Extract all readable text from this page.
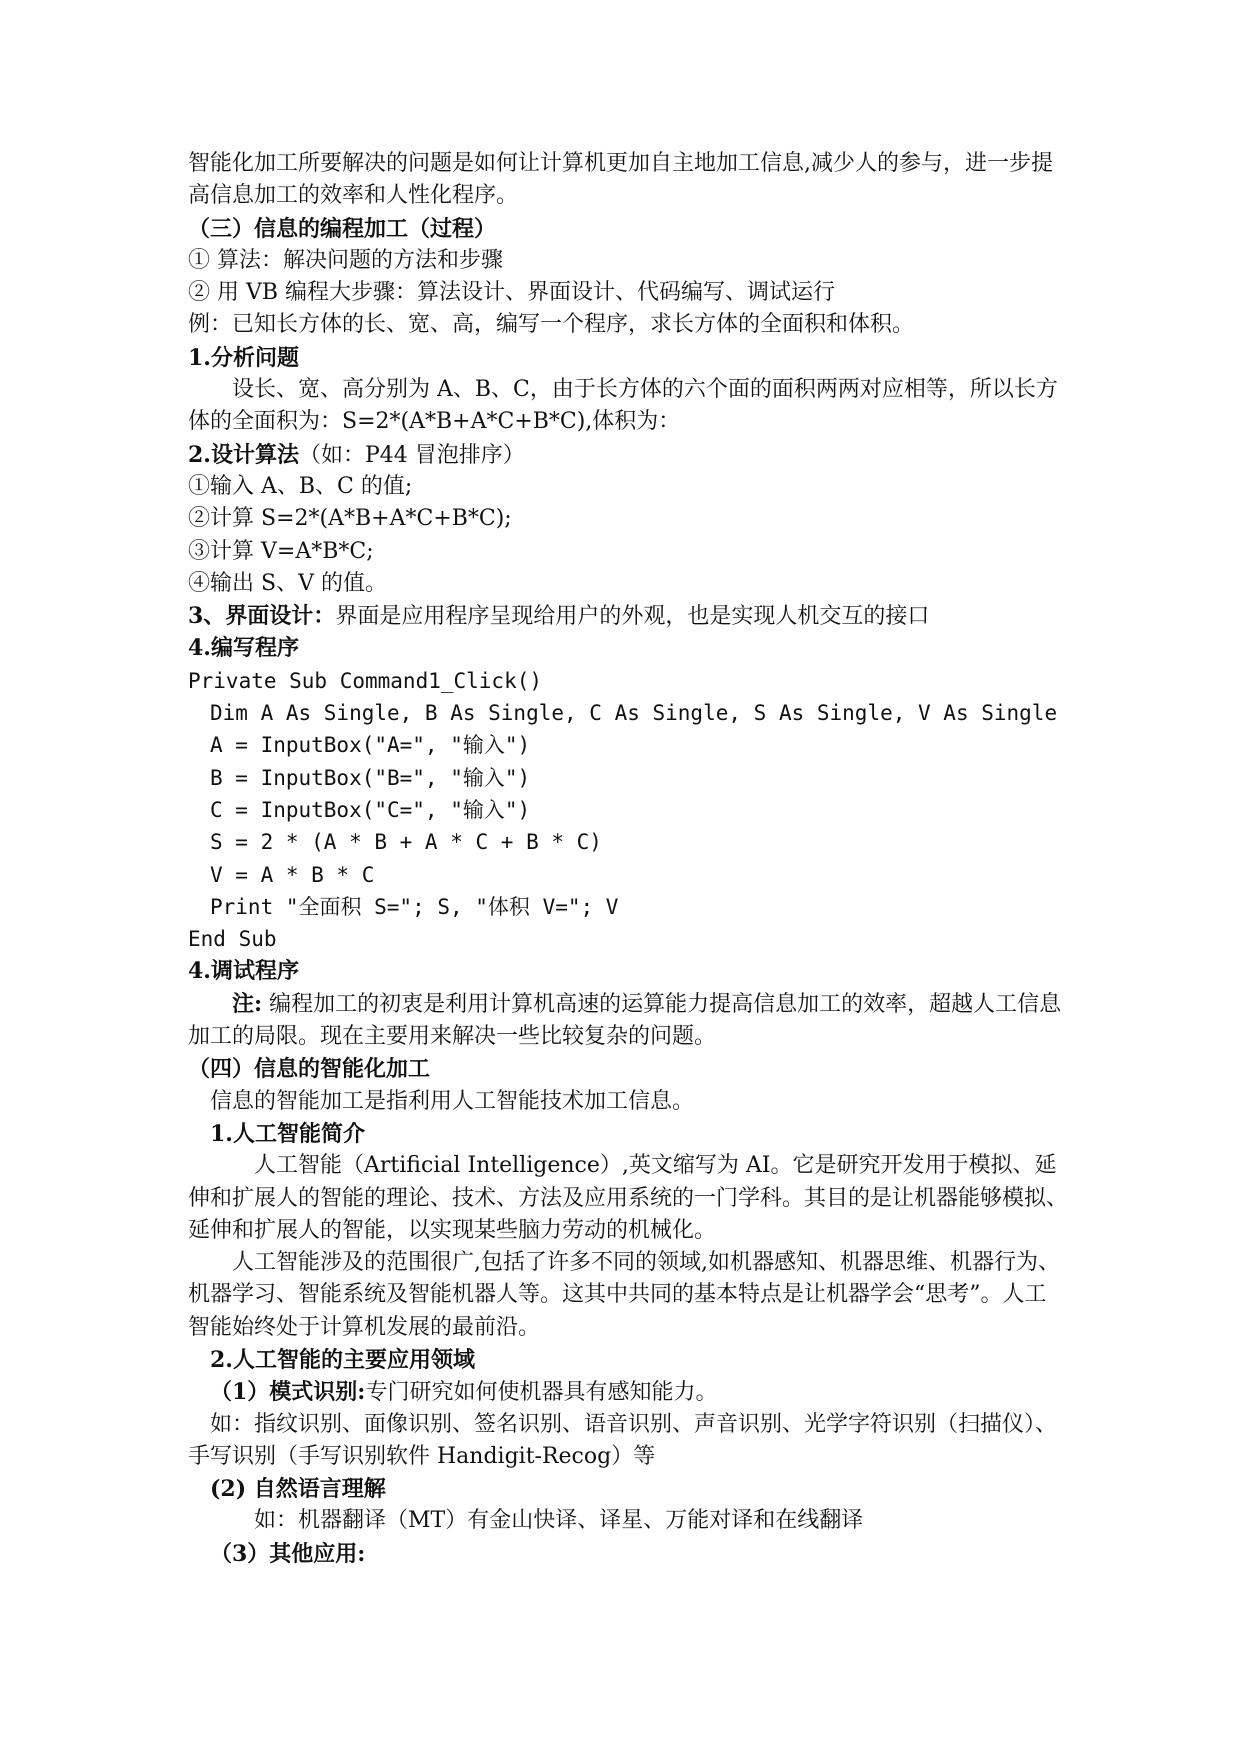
智能化加工所要解决的问题是如何让计算机更加自主地加工信息,减少人的参与，进一步提高信息加工的效率和人性化程序。
（三）信息的编程加工（过程）
① 算法：解决问题的方法和步骤
② 用 VB 编程大步骤：算法设计、界面设计、代码编写、调试运行
例：已知长方体的长、宽、高，编写一个程序，求长方体的全面积和体积。
1.分析问题
设长、宽、高分别为 A、B、C，由于长方体的六个面的面积两两对应相等，所以长方体的全面积为：S=2*(A*B+A*C+B*C),体积为：
2.设计算法（如：P44 冒泡排序）
①输入 A、B、C 的值;
②计算 S=2*(A*B+A*C+B*C);
③计算 V=A*B*C;
④输出 S、V 的值。
3、界面设计：界面是应用程序呈现给用户的外观，也是实现人机交互的接口
4.编写程序
Private Sub Command1_Click()
Dim A As Single, B As Single, C As Single, S As Single, V As Single
A = InputBox("A=", "输入")
B = InputBox("B=", "输入")
C = InputBox("C=", "输入")
S = 2 * (A * B + A * C + B * C)
V = A * B * C
Print "全面积 S="; S, "体积 V="; V
End Sub
4.调试程序
注: 编程加工的初衷是利用计算机高速的运算能力提高信息加工的效率，超越人工信息加工的局限。现在主要用来解决一些比较复杂的问题。
（四）信息的智能化加工
信息的智能加工是指利用人工智能技术加工信息。
1.人工智能简介
人工智能（Artificial Intelligence）,英文缩写为 AI。它是研究开发用于模拟、延伸和扩展人的智能的理论、技术、方法及应用系统的一门学科。其目的是让机器能够模拟、延伸和扩展人的智能，以实现某些脑力劳动的机械化。
人工智能涉及的范围很广,包括了许多不同的领域,如机器感知、机器思维、机器行为、机器学习、智能系统及智能机器人等。这其中共同的基本特点是让机器学会“思考”。人工智能始终处于计算机发展的最前沿。
2.人工智能的主要应用领域
（1）模式识别:专门研究如何使机器具有感知能力。
如：指纹识别、面像识别、签名识别、语音识别、声音识别、光学字符识别（扫描仪）、手写识别（手写识别软件 Handigit-Recog）等
(2) 自然语言理解
如：机器翻译（MT）有金山快译、译星、万能对译和在线翻译
（3）其他应用:
